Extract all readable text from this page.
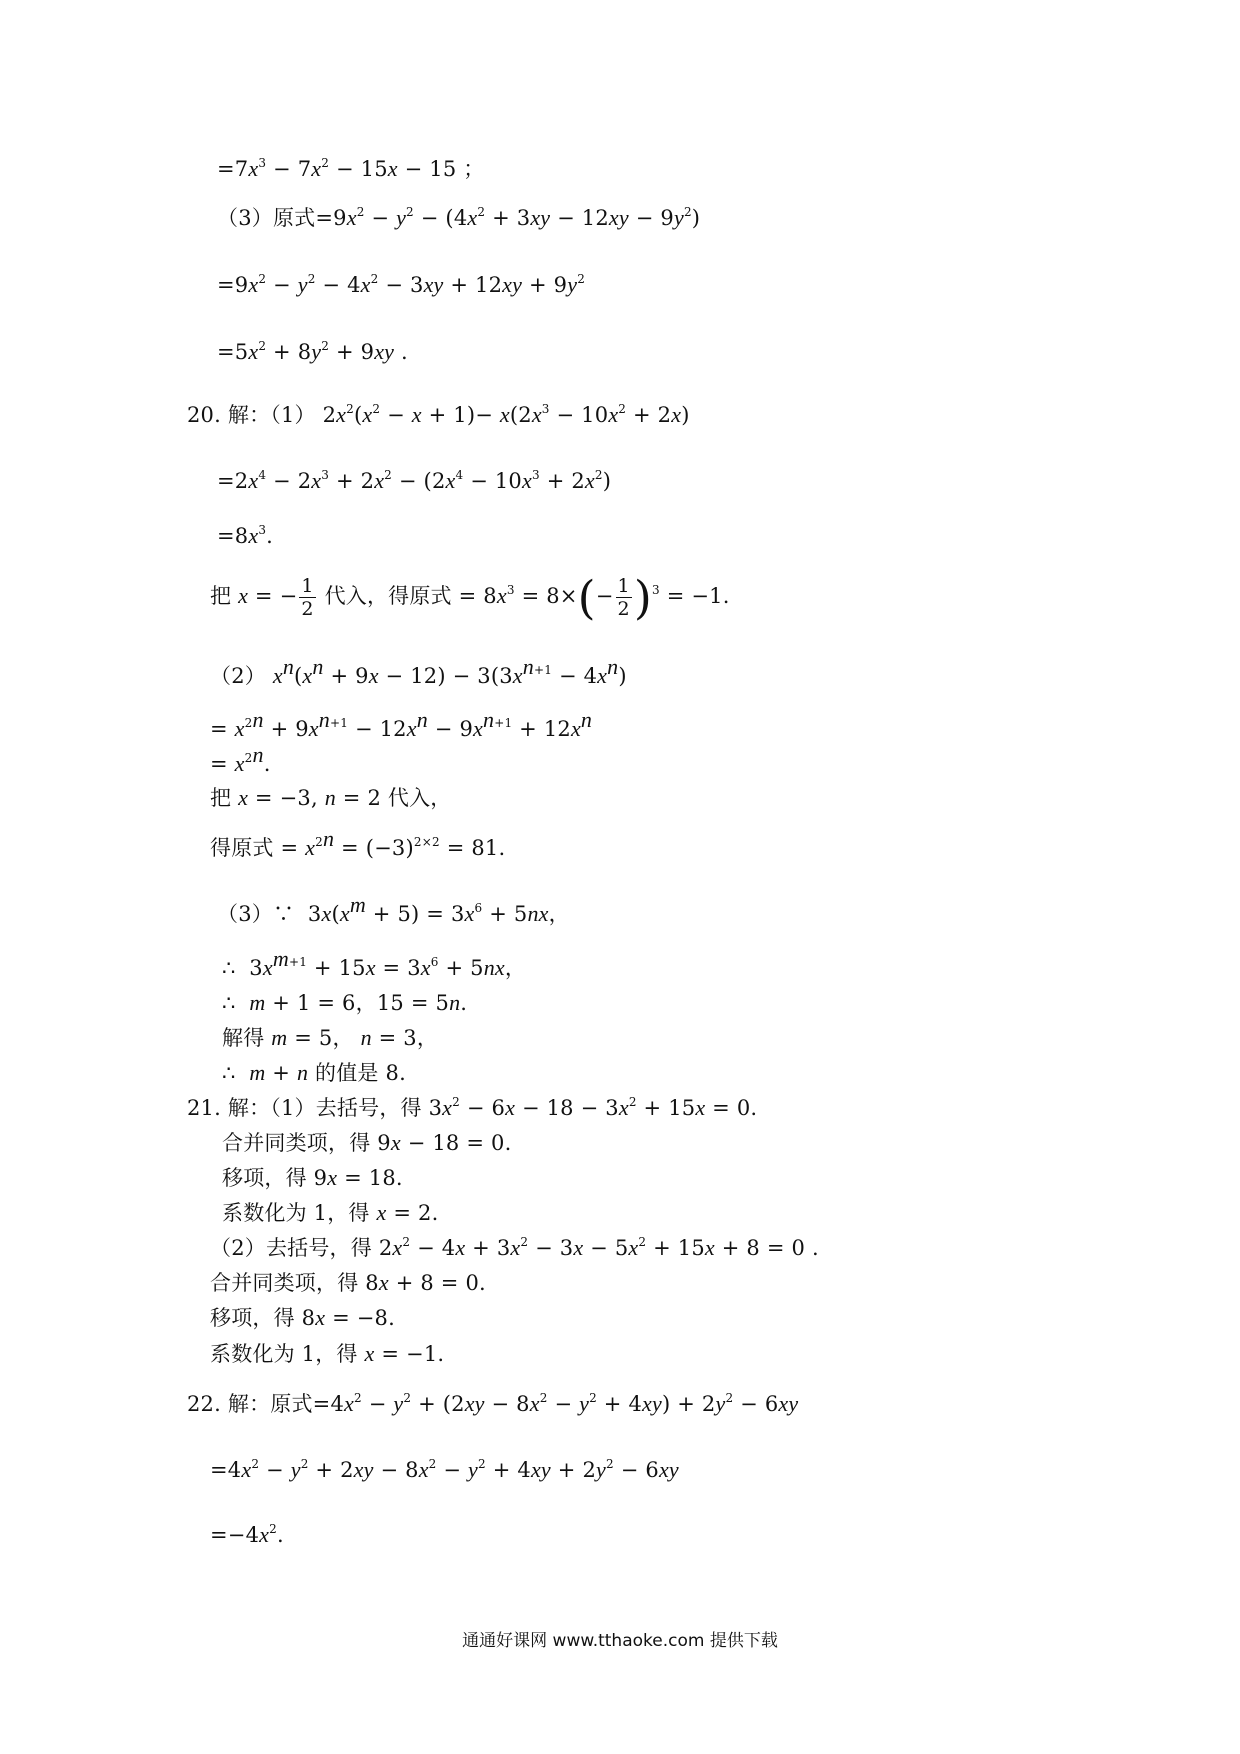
$=7x^3 - 7x^2 - 15x - 15$ ；
（3）原式$=9x^2 - y^2 - (4x^2 + 3xy - 12xy - 9y^2)$
$=9x^2 - y^2 - 4x^2 - 3xy + 12xy + 9y^2$
$=5x^2 + 8y^2 + 9xy$ .
20. 解：（1） $2x^2(x^2 - x + 1)- x(2x^3 - 10x^2 + 2x)$
$=2x^4 - 2x^3 + 2x^2 - (2x^4 - 10x^3 + 2x^2)$
$=8x^3$.
把 x = − $\frac{1}{2}$ 代入，得原式 = $8x^3 = 8\times(- \frac{1}{2} )^3 = -1$.
（2） $x^n(x^n + 9x - 12) - 3(3x^{n+1} - 4x^n)$
= $x^{2n} + 9x^{n+1} - 12x^n - 9x^{n+1} + 12x^n$
= $x^{2n}$.
把 x = −3, n = 2 代入，
得原式 = $x^{2n} = (-3)^{2\times 2} = 81$.
（3）∵  $3x(x^m + 5) = 3x^6 + 5nx$，
∴  $3x^{m+1} + 15x = 3x^6 + 5nx$，
∴  m + 1 = 6，15 = 5n.
解得 m = 5， n = 3，
∴  m + n 的值是 8.
21. 解：（1）去括号，得 $3x^2 - 6x - 18 - 3x^2 + 15x = 0$.
合并同类项，得 9x − 18 = 0.
移项，得 9x = 18.
系数化为 1，得 x = 2.
（2）去括号，得 $2x^2 - 4x + 3x^2 - 3x - 5x^2 + 15x + 8 = 0$ .
合并同类项，得 8x + 8 = 0.
移项，得 8x = −8.
系数化为 1，得 x = −1.
22. 解：原式$=4x^2 - y^2 + (2xy - 8x^2 - y^2 + 4xy) + 2y^2 - 6xy$
$=4x^2 - y^2 + 2xy - 8x^2 - y^2 + 4xy + 2y^2 - 6xy$
$=-4x^2$.
通通好课网 www.tthaoke.com 提供下载
